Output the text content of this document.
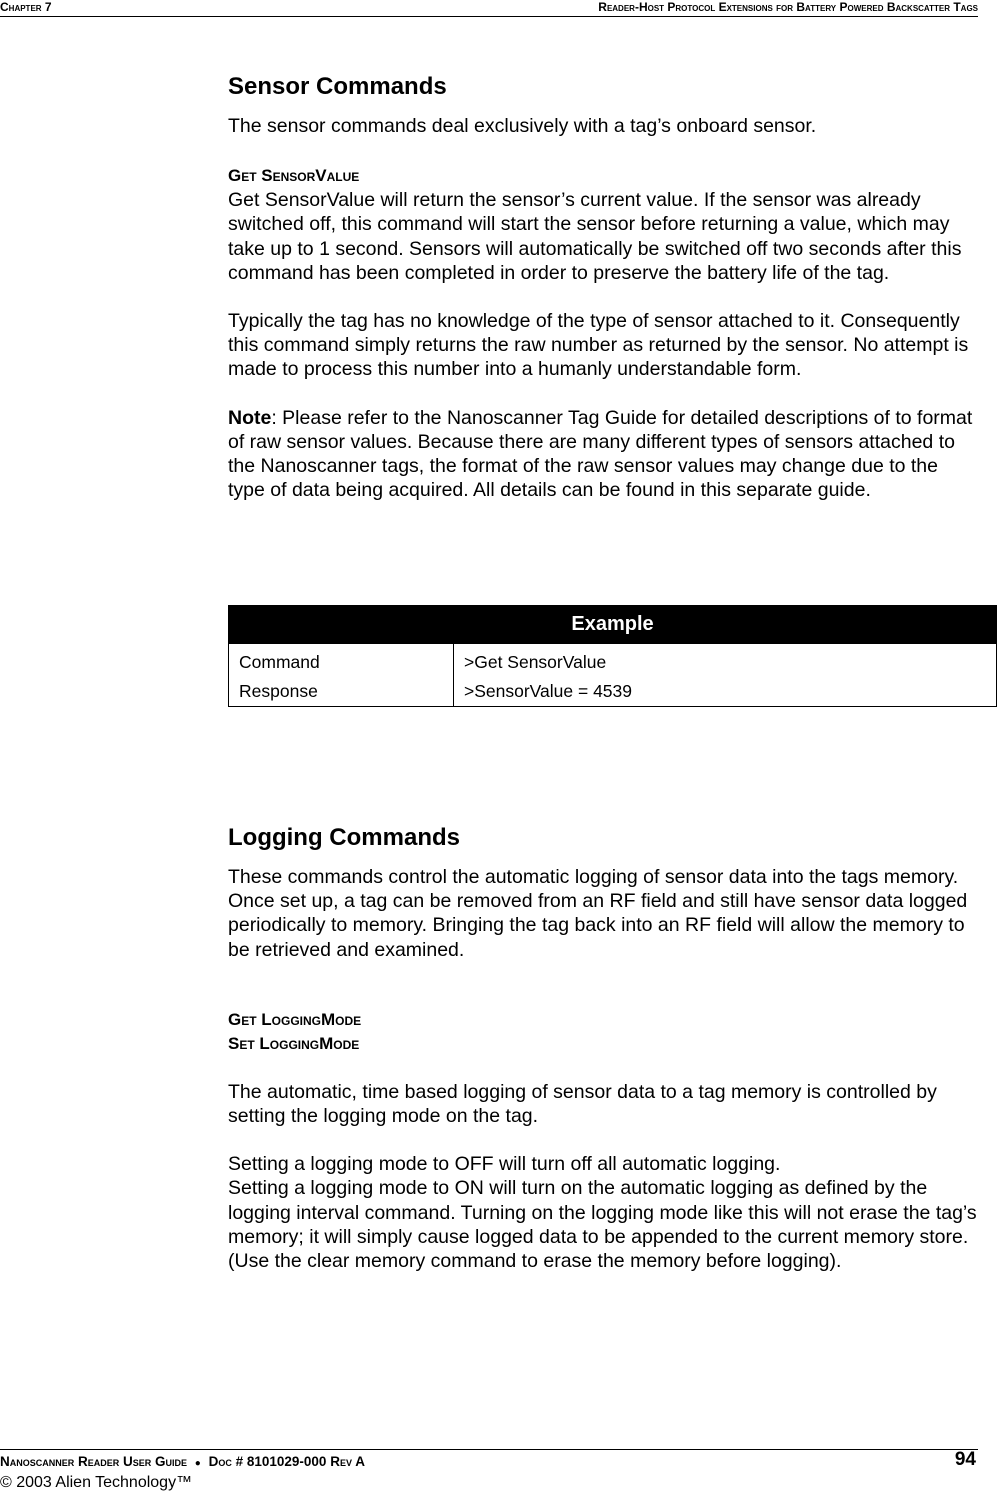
Chapter 7	Reader-Host Protocol Extensions for Battery Powered Backscatter Tags
Sensor Commands

The sensor commands deal exclusively with a tag’s onboard sensor.

Get SensorValue

Get SensorValue will return the sensor’s current value. If the sensor was already switched off, this command will start the sensor before returning a value, which may take up to 1 second. Sensors will automatically be switched off two seconds after this command has been completed in order to preserve the battery life of the tag.

Typically the tag has no knowledge of the type of sensor attached to it. Consequently this command simply returns the raw number as returned by the sensor. No attempt is made to process this number into a humanly understandable form.

Note: Please refer to the Nanoscanner Tag Guide for detailed descriptions of to format of raw sensor values. Because there are many different types of sensors attached to the Nanoscanner tags, the format of the raw sensor values may change due to the type of data being acquired. All details can be found in this separate guide.

Example	
Command	>Get SensorValue
Response	>SensorValue = 4539
Logging Commands

These commands control the automatic logging of sensor data into the tags memory. Once set up, a tag can be removed from an RF field and still have sensor data logged periodically to memory. Bringing the tag back into an RF field will allow the memory to be retrieved and examined.

Get LoggingMode
Set LoggingMode

The automatic, time based logging of sensor data to a tag memory is controlled by setting the logging mode on the tag.

Setting a logging mode to OFF will turn off all automatic logging.

Setting a logging mode to ON will turn on the automatic logging as defined by the logging interval command. Turning on the logging mode like this will not erase the tag’s memory; it will simply cause logged data to be appended to the current memory store. (Use the clear memory command to erase the memory before logging).

Nanoscanner Reader User Guide ● Doc # 8101029-000 Rev A	94
© 2003 Alien Technology™
